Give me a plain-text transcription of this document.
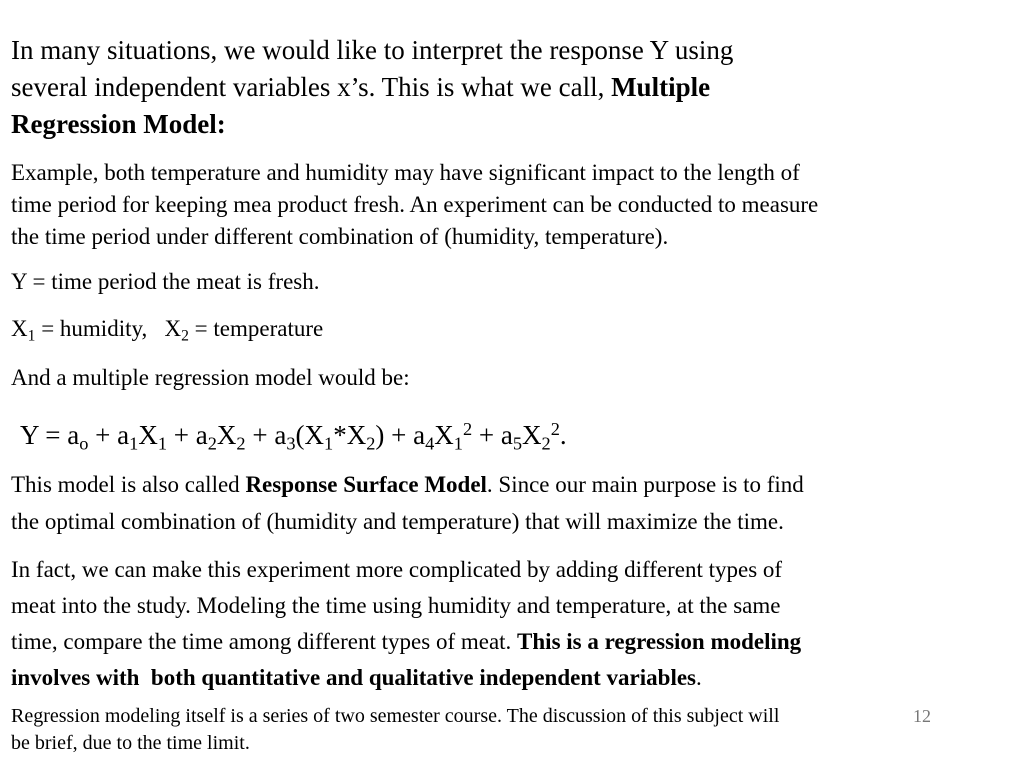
In many situations, we would like to interpret the response Y using
several independent variables x’s. This is what we call, Multiple
Regression Model:

Example, both temperature and humidity may have significant impact to the length of
time period for keeping mea product fresh. An experiment can be conducted to measure
the time period under different combination of (humidity, temperature).

Y = time period the meat is fresh.

$X_1$ = humidity,   $X_2$ = temperature

And a multiple regression model would be:

$Y = a_o + a_1X_1 + a_2X_2 + a_3(X_1*X_2) + a_4X_1^2 + a_5X_2^2$.

This model is also called Response Surface Model. Since our main purpose is to find
the optimal combination of (humidity and temperature) that will maximize the time.

In fact, we can make this experiment more complicated by adding different types of
meat into the study. Modeling the time using humidity and temperature, at the same
time, compare the time among different types of meat. This is a regression modeling
involves with  both quantitative and qualitative independent variables.

Regression modeling itself is a series of two semester course. The discussion of this subject will
be brief, due to the time limit.

12
